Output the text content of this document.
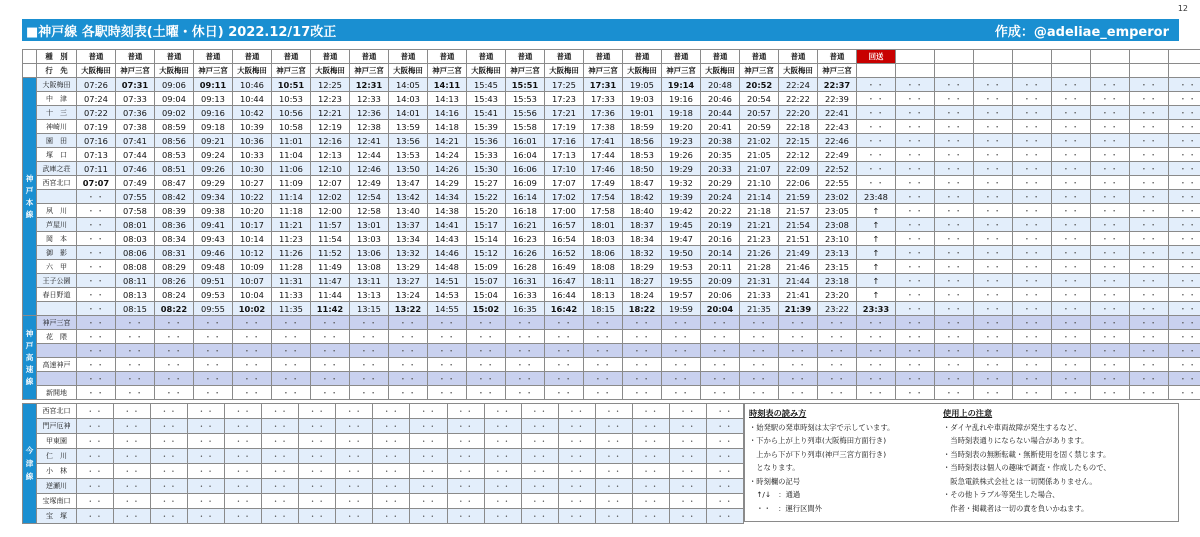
12
■神戸線 各駅時刻表(土曜・休日) 2022.12/17改正	作成：@adeliae_emperor
	種　別	普通	普通	普通	普通	普通	普通	普通	普通	普通	普通	普通	普通	普通	普通	普通	普通	普通	普通	普通	普通	回送								
	行　先	大阪梅田	神戸三宮	大阪梅田	神戸三宮	大阪梅田	神戸三宮	大阪梅田	神戸三宮	大阪梅田	神戸三宮	大阪梅田	神戸三宮	大阪梅田	神戸三宮	大阪梅田	神戸三宮	大阪梅田	神戸三宮	大阪梅田	神戸三宮									
神 戸 本 線	大阪梅田	07:26	07:31	09:06	09:11	10:46	10:51	12:25	12:31	14:05	14:11	15:45	15:51	17:25	17:31	19:05	19:14	20:48	20:52	22:24	22:37	・・	・・	・・	・・	・・	・・	・・	・・	・・
	中　津	07:24	07:33	09:04	09:13	10:44	10:53	12:23	12:33	14:03	14:13	15:43	15:53	17:23	17:33	19:03	19:16	20:46	20:54	22:22	22:39	・・	・・	・・	・・	・・	・・	・・	・・	・・
	十　三	07:22	07:36	09:02	09:16	10:42	10:56	12:21	12:36	14:01	14:16	15:41	15:56	17:21	17:36	19:01	19:18	20:44	20:57	22:20	22:41	・・	・・	・・	・・	・・	・・	・・	・・	・・
	神崎川	07:19	07:38	08:59	09:18	10:39	10:58	12:19	12:38	13:59	14:18	15:39	15:58	17:19	17:38	18:59	19:20	20:41	20:59	22:18	22:43	・・	・・	・・	・・	・・	・・	・・	・・	・・
	園　田	07:16	07:41	08:56	09:21	10:36	11:01	12:16	12:41	13:56	14:21	15:36	16:01	17:16	17:41	18:56	19:23	20:38	21:02	22:15	22:46	・・	・・	・・	・・	・・	・・	・・	・・	・・
	塚　口	07:13	07:44	08:53	09:24	10:33	11:04	12:13	12:44	13:53	14:24	15:33	16:04	17:13	17:44	18:53	19:26	20:35	21:05	22:12	22:49	・・	・・	・・	・・	・・	・・	・・	・・	・・
	武庫之荘	07:11	07:46	08:51	09:26	10:30	11:06	12:10	12:46	13:50	14:26	15:30	16:06	17:10	17:46	18:50	19:29	20:33	21:07	22:09	22:52	・・	・・	・・	・・	・・	・・	・・	・・	・・
	西宮北口	07:07	07:49	08:47	09:29	10:27	11:09	12:07	12:49	13:47	14:29	15:27	16:09	17:07	17:49	18:47	19:32	20:29	21:10	22:06	22:55	・・	・・	・・	・・	・・	・・	・・	・・	・・
		・・	07:55	08:42	09:34	10:22	11:14	12:02	12:54	13:42	14:34	15:22	16:14	17:02	17:54	18:42	19:39	20:24	21:14	21:59	23:02	23:48	・・	・・	・・	・・	・・	・・	・・	・・
	夙　川	・・	07:58	08:39	09:38	10:20	11:18	12:00	12:58	13:40	14:38	15:20	16:18	17:00	17:58	18:40	19:42	20:22	21:18	21:57	23:05	↑	・・	・・	・・	・・	・・	・・	・・	・・
	芦屋川	・・	08:01	08:36	09:41	10:17	11:21	11:57	13:01	13:37	14:41	15:17	16:21	16:57	18:01	18:37	19:45	20:19	21:21	21:54	23:08	↑	・・	・・	・・	・・	・・	・・	・・	・・
	岡　本	・・	08:03	08:34	09:43	10:14	11:23	11:54	13:03	13:34	14:43	15:14	16:23	16:54	18:03	18:34	19:47	20:16	21:23	21:51	23:10	↑	・・	・・	・・	・・	・・	・・	・・	・・
	御　影	・・	08:06	08:31	09:46	10:12	11:26	11:52	13:06	13:32	14:46	15:12	16:26	16:52	18:06	18:32	19:50	20:14	21:26	21:49	23:13	↑	・・	・・	・・	・・	・・	・・	・・	・・
	六　甲	・・	08:08	08:29	09:48	10:09	11:28	11:49	13:08	13:29	14:48	15:09	16:28	16:49	18:08	18:29	19:53	20:11	21:28	21:46	23:15	↑	・・	・・	・・	・・	・・	・・	・・	・・
	王子公園	・・	08:11	08:26	09:51	10:07	11:31	11:47	13:11	13:27	14:51	15:07	16:31	16:47	18:11	18:27	19:55	20:09	21:31	21:44	23:18	↑	・・	・・	・・	・・	・・	・・	・・	・・
	春日野道	・・	08:13	08:24	09:53	10:04	11:33	11:44	13:13	13:24	14:53	15:04	16:33	16:44	18:13	18:24	19:57	20:06	21:33	21:41	23:20	↑	・・	・・	・・	・・	・・	・・	・・	・・
		・・	08:15	08:22	09:55	10:02	11:35	11:42	13:15	13:22	14:55	15:02	16:35	16:42	18:15	18:22	19:59	20:04	21:35	21:39	23:22	23:33	・・	・・	・・	・・	・・	・・	・・	・・
神 戸 高 速 線	神戸三宮	・・	・・	・・	・・	・・	・・	・・	・・	・・	・・	・・	・・	・・	・・	・・	・・	・・	・・	・・	・・	・・	・・	・・	・・	・・	・・	・・	・・	・・
	花　隈	・・	・・	・・	・・	・・	・・	・・	・・	・・	・・	・・	・・	・・	・・	・・	・・	・・	・・	・・	・・	・・	・・	・・	・・	・・	・・	・・	・・	・・
		・・	・・	・・	・・	・・	・・	・・	・・	・・	・・	・・	・・	・・	・・	・・	・・	・・	・・	・・	・・	・・	・・	・・	・・	・・	・・	・・	・・	・・
	高速神戸	・・	・・	・・	・・	・・	・・	・・	・・	・・	・・	・・	・・	・・	・・	・・	・・	・・	・・	・・	・・	・・	・・	・・	・・	・・	・・	・・	・・	・・
		・・	・・	・・	・・	・・	・・	・・	・・	・・	・・	・・	・・	・・	・・	・・	・・	・・	・・	・・	・・	・・	・・	・・	・・	・・	・・	・・	・・	・・
	新開地	・・	・・	・・	・・	・・	・・	・・	・・	・・	・・	・・	・・	・・	・・	・・	・・	・・	・・	・・	・・	・・	・・	・・	・・	・・	・・	・・	・・	・・
今 津 線	西宮北口	・・	・・	・・	・・	・・	・・	・・	・・	・・	・・	・・	・・	・・	・・	・・	・・	・・	・・
	門戸厄神	・・	・・	・・	・・	・・	・・	・・	・・	・・	・・	・・	・・	・・	・・	・・	・・	・・	・・
	甲東園	・・	・・	・・	・・	・・	・・	・・	・・	・・	・・	・・	・・	・・	・・	・・	・・	・・	・・
	仁　川	・・	・・	・・	・・	・・	・・	・・	・・	・・	・・	・・	・・	・・	・・	・・	・・	・・	・・
	小　林	・・	・・	・・	・・	・・	・・	・・	・・	・・	・・	・・	・・	・・	・・	・・	・・	・・	・・
	逆瀬川	・・	・・	・・	・・	・・	・・	・・	・・	・・	・・	・・	・・	・・	・・	・・	・・	・・	・・
	宝塚南口	・・	・・	・・	・・	・・	・・	・・	・・	・・	・・	・・	・・	・・	・・	・・	・・	・・	・・
	宝　塚	・・	・・	・・	・・	・・	・・	・・	・・	・・	・・	・・	・・	・・	・・	・・	・・	・・	・・
時刻表の読み方
・始発駅の発車時刻は太字で示しています。
・下から上が上り列車(大阪梅田方面行き)
　上から下が下り列車(神戸三宮方面行き)
　となります。
・時刻欄の記号
　↑/↓　：通過
　・・　：運行区間外
使用上の注意
・ダイヤ乱れや車両故障が発生するなど、
　当時刻表通りにならない場合があります。
・当時刻表の無断転載・無断使用を固く禁じます。
・当時刻表は個人の趣味で調査・作成したもので、
　阪急電鉄株式会社とは一切関係ありません。
・その他トラブル等発生した場合、
　作者・掲載者は一切の責を負いかねます。
